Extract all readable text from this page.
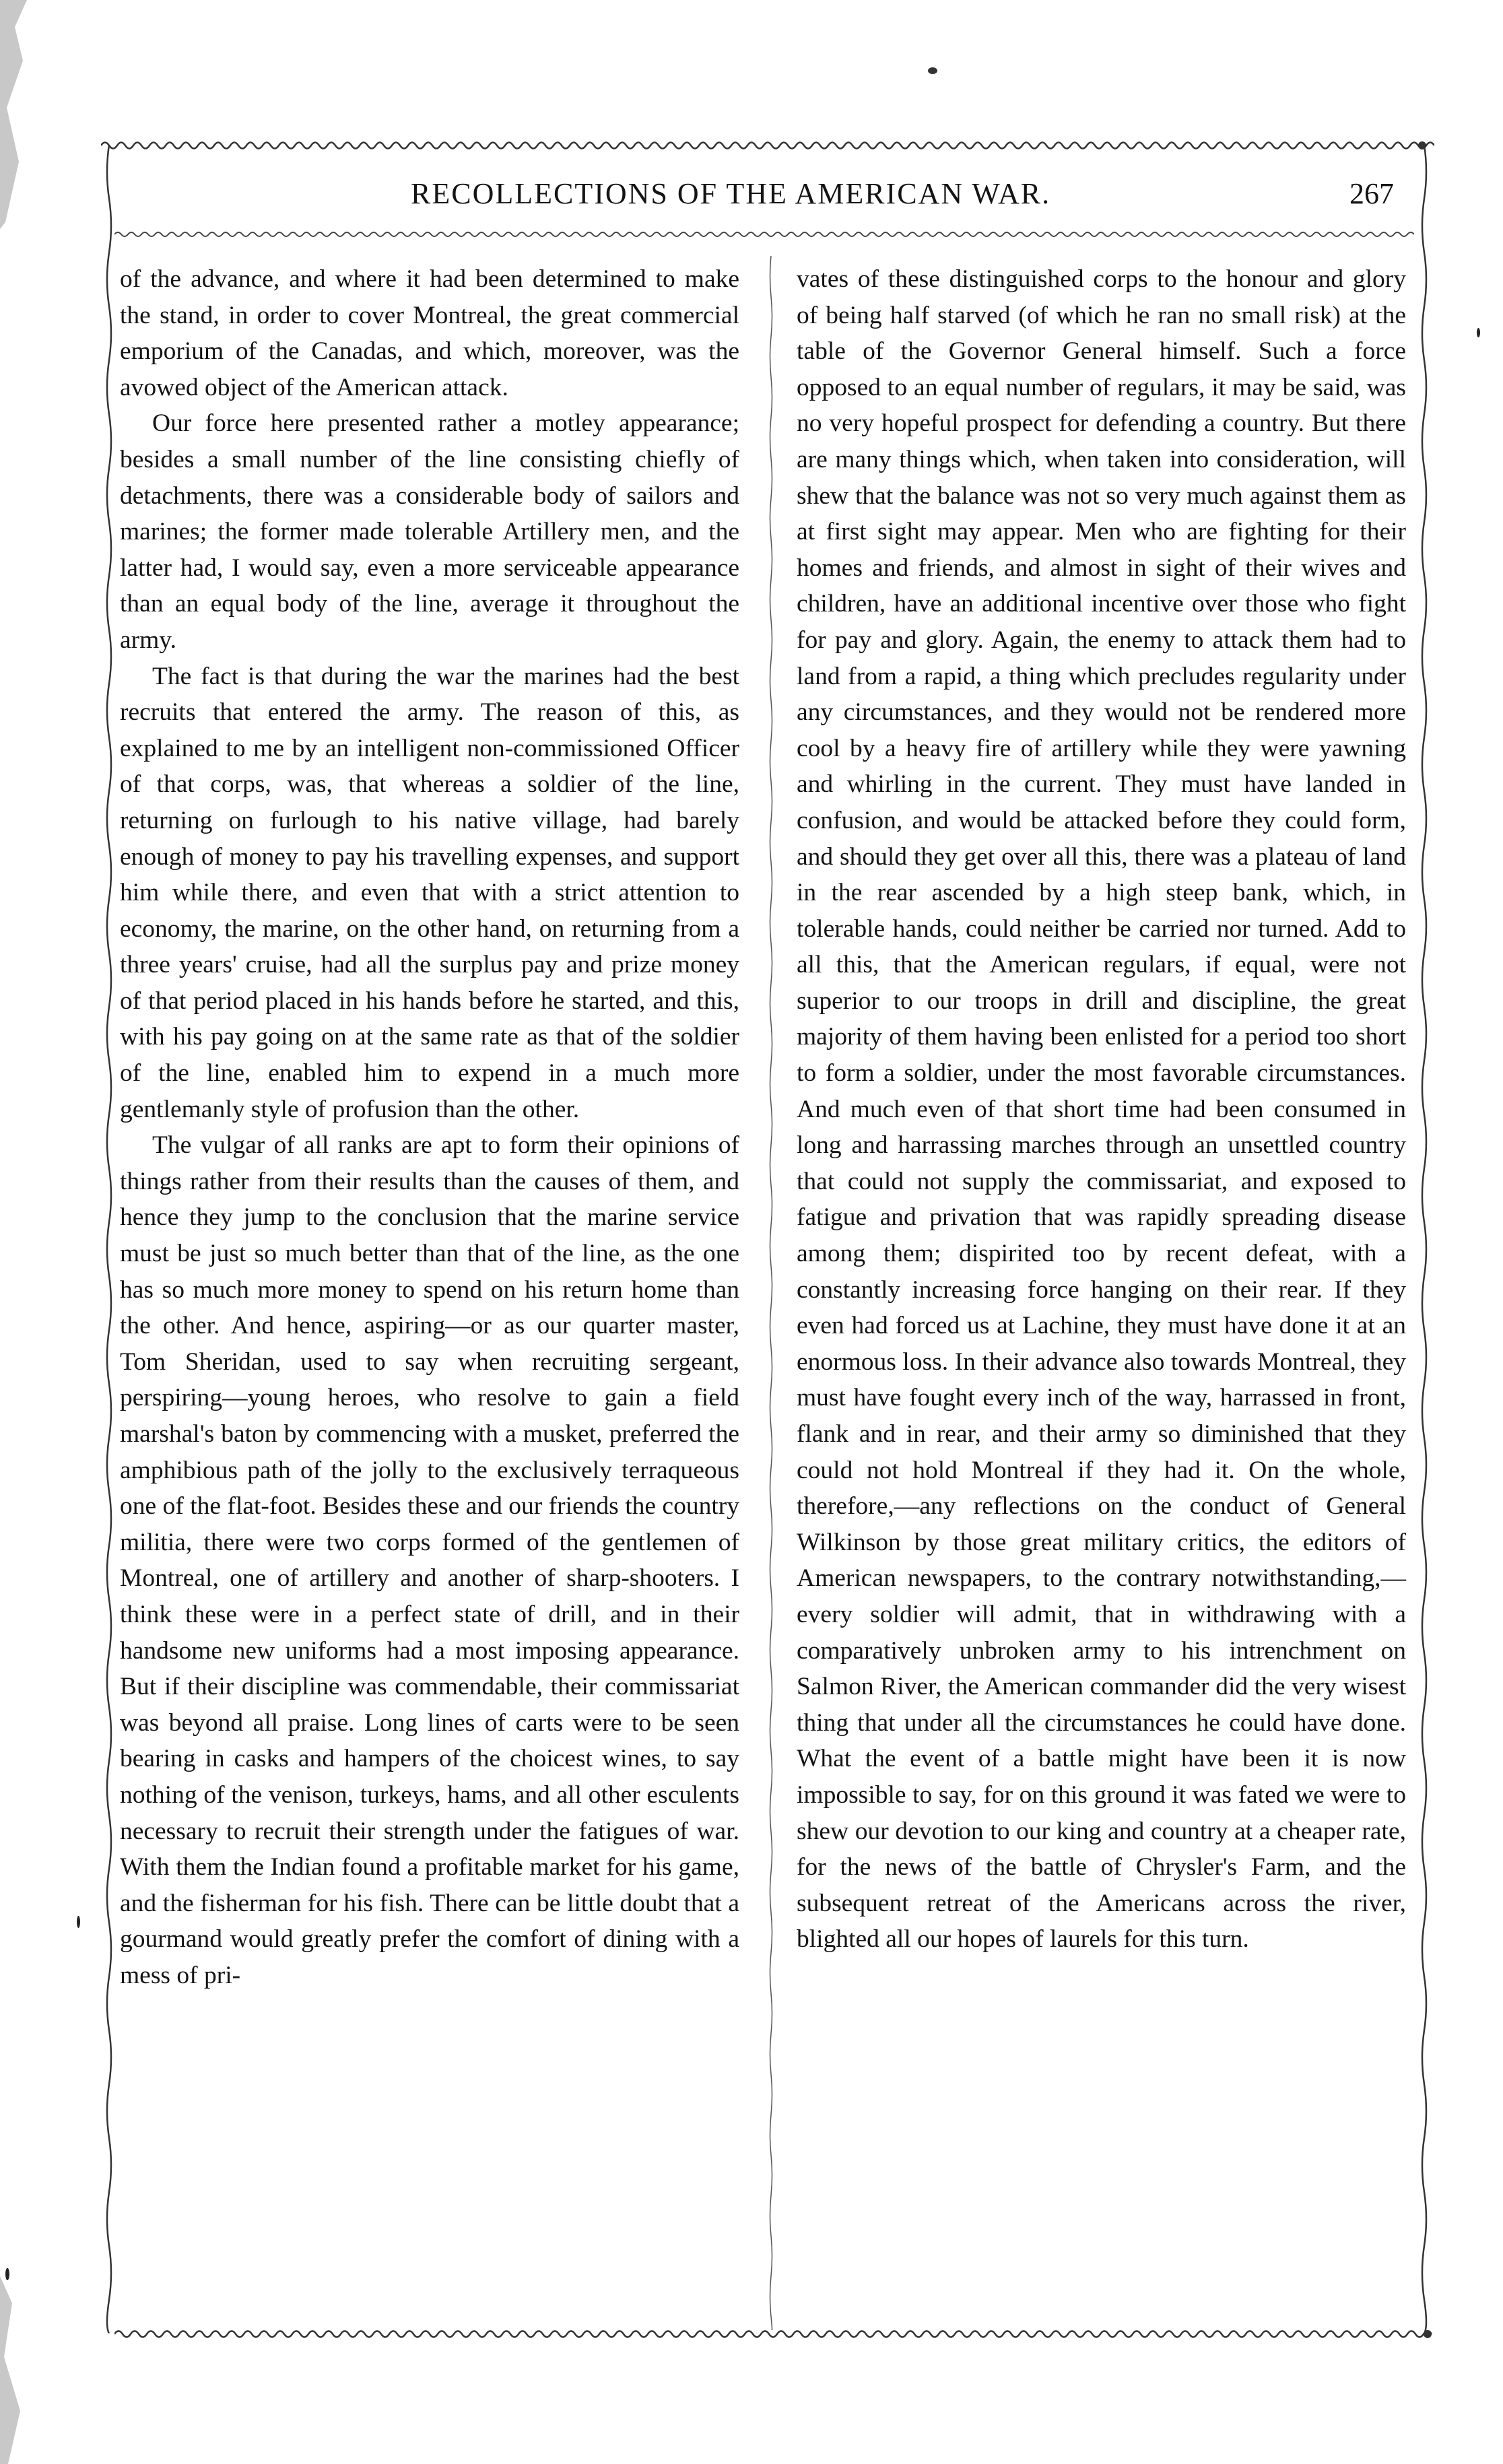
RECOLLECTIONS OF THE AMERICAN WAR.	267

of the advance, and where it had been determined to make the stand, in order to cover Montreal, the great commercial emporium of the Canadas, and which, moreover, was the avowed object of the American attack.

Our force here presented rather a motley appearance; besides a small number of the line consisting chiefly of detachments, there was a considerable body of sailors and marines; the former made tolerable Artillery men, and the latter had, I would say, even a more serviceable appearance than an equal body of the line, average it throughout the army.

The fact is that during the war the marines had the best recruits that entered the army. The reason of this, as explained to me by an intelligent non-commissioned Officer of that corps, was, that whereas a soldier of the line, returning on furlough to his native village, had barely enough of money to pay his travelling expenses, and support him while there, and even that with a strict attention to economy, the marine, on the other hand, on returning from a three years' cruise, had all the surplus pay and prize money of that period placed in his hands before he started, and this, with his pay going on at the same rate as that of the soldier of the line, enabled him to expend in a much more gentlemanly style of profusion than the other.

The vulgar of all ranks are apt to form their opinions of things rather from their results than the causes of them, and hence they jump to the conclusion that the marine service must be just so much better than that of the line, as the one has so much more money to spend on his return home than the other. And hence, aspiring—or as our quarter master, Tom Sheridan, used to say when recruiting sergeant, perspiring—young heroes, who resolve to gain a field marshal's baton by commencing with a musket, preferred the amphibious path of the jolly to the exclusively terraqueous one of the flat-foot. Besides these and our friends the country militia, there were two corps formed of the gentlemen of Montreal, one of artillery and another of sharp-shooters. I think these were in a perfect state of drill, and in their handsome new uniforms had a most imposing appearance. But if their discipline was commendable, their commissariat was beyond all praise. Long lines of carts were to be seen bearing in casks and hampers of the choicest wines, to say nothing of the venison, turkeys, hams, and all other esculents necessary to recruit their strength under the fatigues of war. With them the Indian found a profitable market for his game, and the fisherman for his fish. There can be little doubt that a gourmand would greatly prefer the comfort of dining with a mess of pri-

vates of these distinguished corps to the honour and glory of being half starved (of which he ran no small risk) at the table of the Governor General himself. Such a force opposed to an equal number of regulars, it may be said, was no very hopeful prospect for defending a country. But there are many things which, when taken into consideration, will shew that the balance was not so very much against them as at first sight may appear. Men who are fighting for their homes and friends, and almost in sight of their wives and children, have an additional incentive over those who fight for pay and glory. Again, the enemy to attack them had to land from a rapid, a thing which precludes regularity under any circumstances, and they would not be rendered more cool by a heavy fire of artillery while they were yawning and whirling in the current. They must have landed in confusion, and would be attacked before they could form, and should they get over all this, there was a plateau of land in the rear ascended by a high steep bank, which, in tolerable hands, could neither be carried nor turned. Add to all this, that the American regulars, if equal, were not superior to our troops in drill and discipline, the great majority of them having been enlisted for a period too short to form a soldier, under the most favorable circumstances. And much even of that short time had been consumed in long and harrassing marches through an unsettled country that could not supply the commissariat, and exposed to fatigue and privation that was rapidly spreading disease among them; dispirited too by recent defeat, with a constantly increasing force hanging on their rear. If they even had forced us at Lachine, they must have done it at an enormous loss. In their advance also towards Montreal, they must have fought every inch of the way, harrassed in front, flank and in rear, and their army so diminished that they could not hold Montreal if they had it. On the whole, therefore,—any reflections on the conduct of General Wilkinson by those great military critics, the editors of American newspapers, to the contrary notwithstanding,—every soldier will admit, that in withdrawing with a comparatively unbroken army to his intrenchment on Salmon River, the American commander did the very wisest thing that under all the circumstances he could have done. What the event of a battle might have been it is now impossible to say, for on this ground it was fated we were to shew our devotion to our king and country at a cheaper rate, for the news of the battle of Chrysler's Farm, and the subsequent retreat of the Americans across the river, blighted all our hopes of laurels for this turn.
